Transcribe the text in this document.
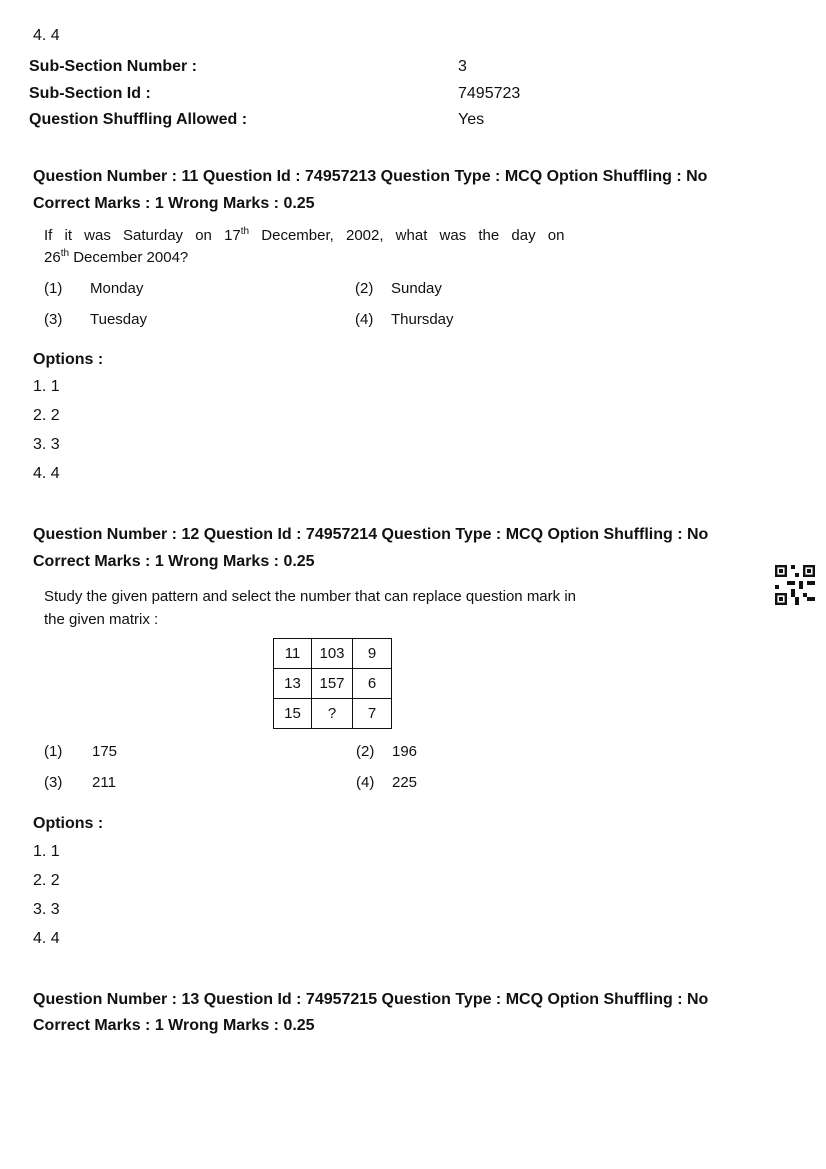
4. 4
Sub-Section Number :	3
Sub-Section Id :	7495723
Question Shuffling Allowed :	Yes
Question Number : 11 Question Id : 74957213 Question Type : MCQ Option Shuffling : No
Correct Marks : 1 Wrong Marks : 0.25
If it was Saturday on 17th December, 2002, what was the day on
26th December 2004?
(1) Monday	(2) Sunday
(3) Tuesday	(4) Thursday
Options :
1. 1
2. 2
3. 3
4. 4
Question Number : 12 Question Id : 74957214 Question Type : MCQ Option Shuffling : No
Correct Marks : 1 Wrong Marks : 0.25
Study the given pattern and select the number that can replace question mark in
the given matrix :
11	103	9
13	157	6
15	?	7
(1) 175	(2) 196
(3) 211	(4) 225
Options :
1. 1
2. 2
3. 3
4. 4
Question Number : 13 Question Id : 74957215 Question Type : MCQ Option Shuffling : No
Correct Marks : 1 Wrong Marks : 0.25
